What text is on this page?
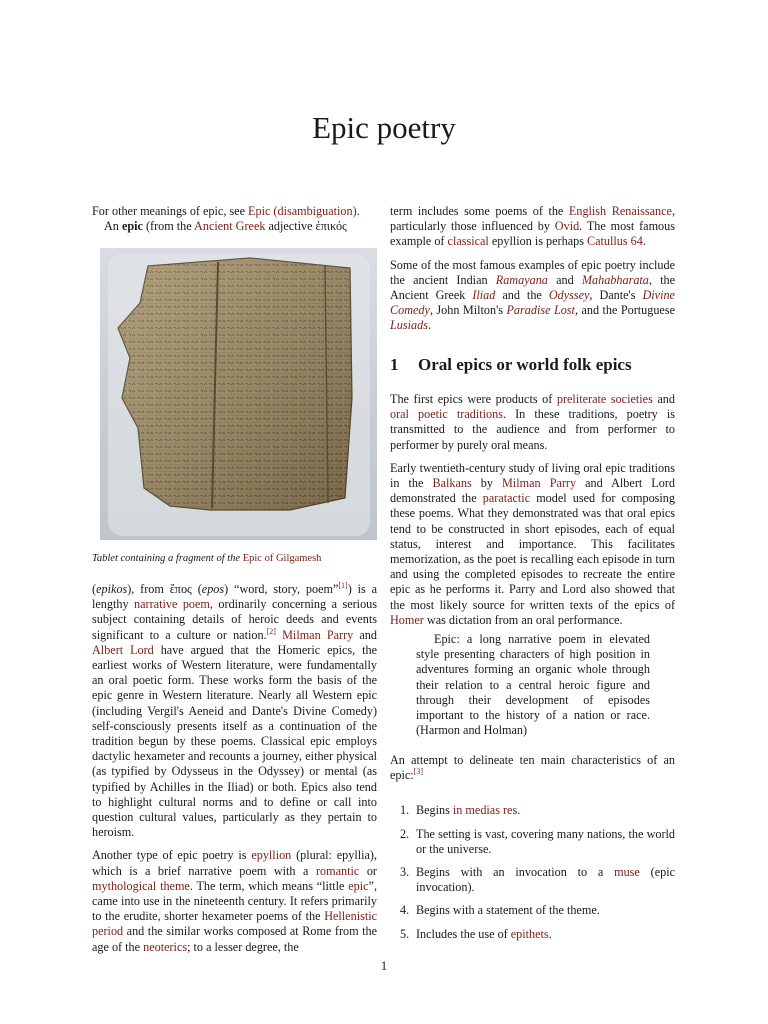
Epic poetry

For other meanings of epic, see Epic (disambiguation).

An epic (from the Ancient Greek adjective ἐπικός

Tablet containing a fragment of the Epic of Gilgamesh

(epikos), from ἔπος (epos) “word, story, poem”[1]) is a lengthy narrative poem, ordinarily concerning a serious subject containing details of heroic deeds and events significant to a culture or nation.[2] Milman Parry and Albert Lord have argued that the Homeric epics, the earliest works of Western literature, were fundamentally an oral poetic form. These works form the basis of the epic genre in Western literature. Nearly all Western epic (including Vergil's Aeneid and Dante's Divine Comedy) self-consciously presents itself as a continuation of the tradition begun by these poems. Classical epic employs dactylic hexameter and recounts a journey, either physical (as typified by Odysseus in the Odyssey) or mental (as typified by Achilles in the Iliad) or both. Epics also tend to highlight cultural norms and to define or call into question cultural values, particularly as they pertain to heroism.

Another type of epic poetry is epyllion (plural: epyllia), which is a brief narrative poem with a romantic or mythological theme. The term, which means “little epic”, came into use in the nineteenth century. It refers primarily to the erudite, shorter hexameter poems of the Hellenistic period and the similar works composed at Rome from the age of the neoterics; to a lesser degree, the

term includes some poems of the English Renaissance, particularly those influenced by Ovid. The most famous example of classical epyllion is perhaps Catullus 64.

Some of the most famous examples of epic poetry include the ancient Indian Ramayana and Mahabharata, the Ancient Greek Iliad and the Odyssey, Dante's Divine Comedy, John Milton's Paradise Lost, and the Portuguese Lusiads.

1 Oral epics or world folk epics

The first epics were products of preliterate societies and oral poetic traditions. In these traditions, poetry is transmitted to the audience and from performer to performer by purely oral means.

Early twentieth-century study of living oral epic traditions in the Balkans by Milman Parry and Albert Lord demonstrated the paratactic model used for composing these poems. What they demonstrated was that oral epics tend to be constructed in short episodes, each of equal status, interest and importance. This facilitates memorization, as the poet is recalling each episode in turn and using the completed episodes to recreate the entire epic as he performs it. Parry and Lord also showed that the most likely source for written texts of the epics of Homer was dictation from an oral performance.

Epic: a long narrative poem in elevated style presenting characters of high position in adventures forming an organic whole through their relation to a central heroic figure and through their development of episodes important to the history of a nation or race. (Harmon and Holman)

An attempt to delineate ten main characteristics of an epic:[3]

1. Begins in medias res.
2. The setting is vast, covering many nations, the world or the universe.
3. Begins with an invocation to a muse (epic invocation).
4. Begins with a statement of the theme.
5. Includes the use of epithets.
1
